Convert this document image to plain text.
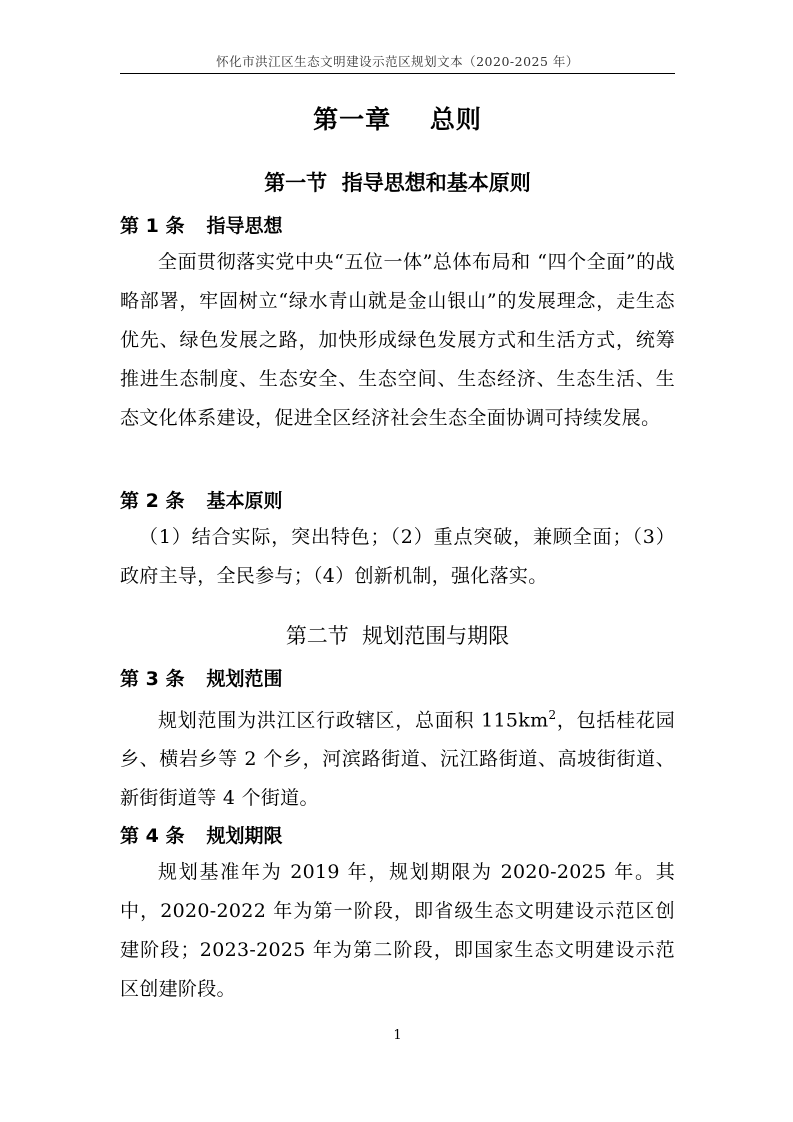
怀化市洪江区生态文明建设示范区规划文本（2020-2025 年）
第一章    总则
第一节  指导思想和基本原则
第 1 条 指导思想
全面贯彻落实党中央“五位一体”总体布局和 “四个全面”的战略部署，牢固树立“绿水青山就是金山银山”的发展理念，走生态优先、绿色发展之路，加快形成绿色发展方式和生活方式，统筹推进生态制度、生态安全、生态空间、生态经济、生态生活、生态文化体系建设，促进全区经济社会生态全面协调可持续发展。
第 2 条 基本原则
（1）结合实际，突出特色；（2）重点突破，兼顾全面；（3）政府主导，全民参与；（4）创新机制，强化落实。
第二节  规划范围与期限
第 3 条 规划范围
规划范围为洪江区行政辖区，总面积 $115km^2$，包括桂花园乡、横岩乡等 2 个乡，河滨路街道、沅江路街道、高坡街街道、新街街道等 4 个街道。
第 4 条 规划期限
规划基准年为 2019 年，规划期限为 2020-2025 年。其中，2020-2022 年为第一阶段，即省级生态文明建设示范区创建阶段；2023-2025 年为第二阶段，即国家生态文明建设示范区创建阶段。
1
